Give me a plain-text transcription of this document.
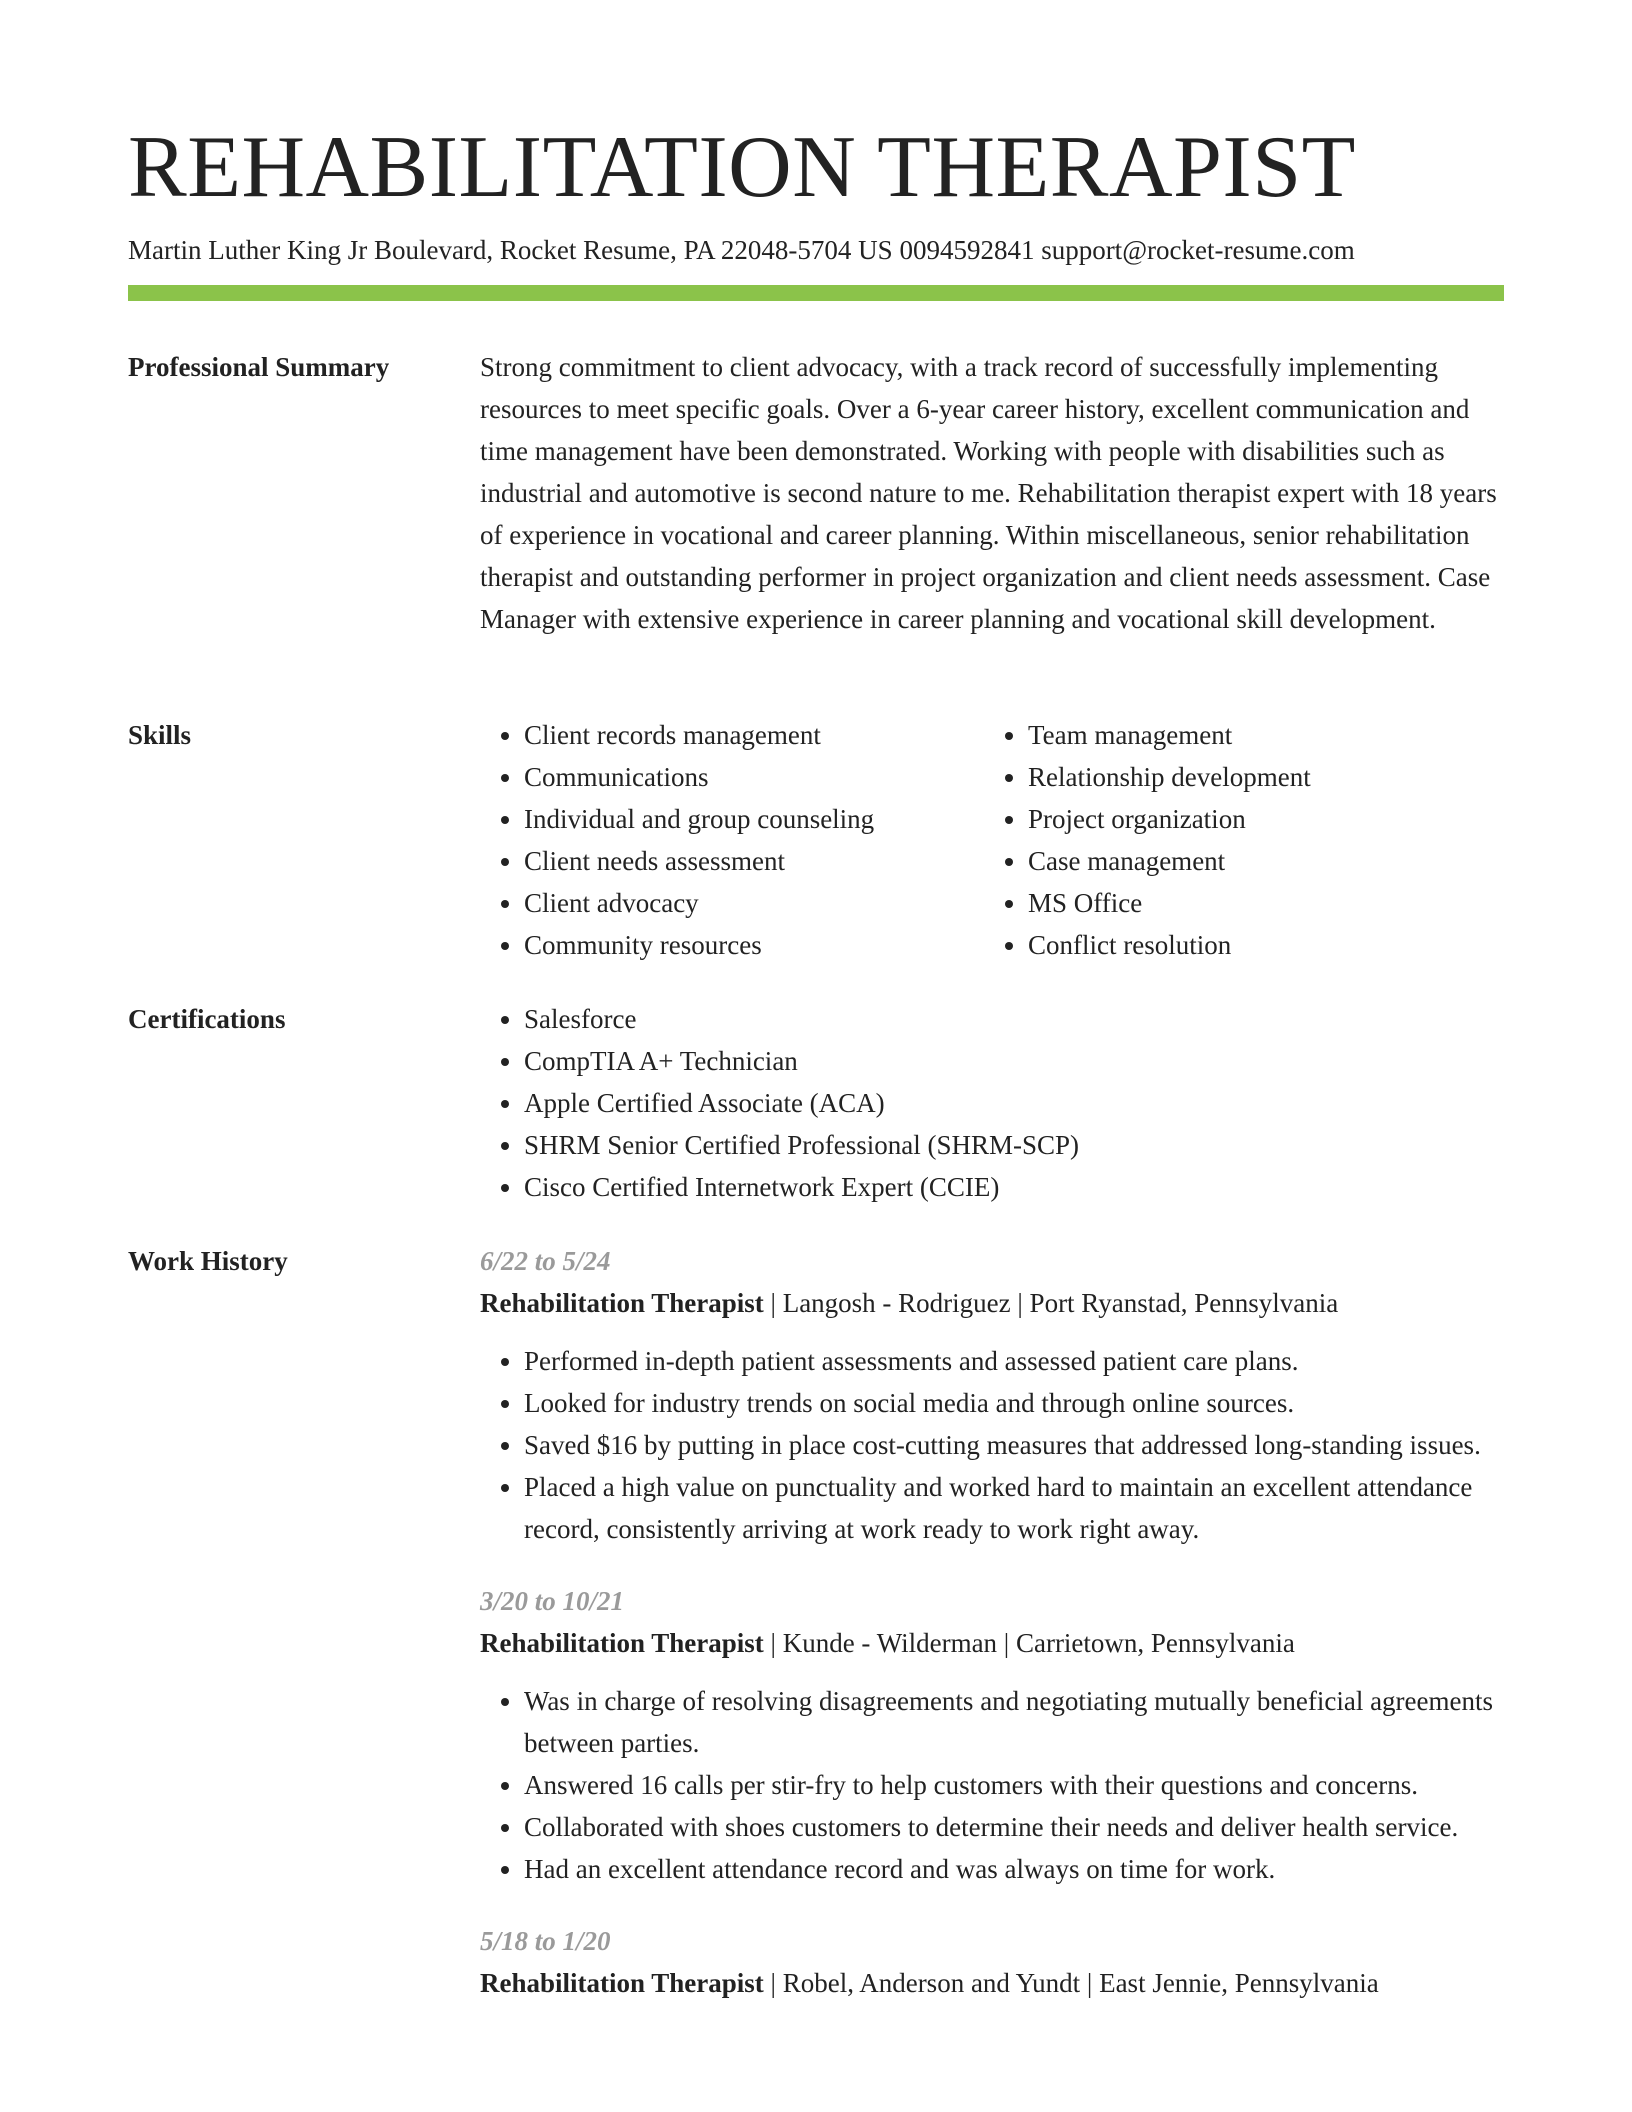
REHABILITATION THERAPIST
Martin Luther King Jr Boulevard, Rocket Resume, PA 22048-5704 US 0094592841 support@rocket-resume.com
Professional Summary	Strong commitment to client advocacy, with a track record of successfully implementing resources to meet specific goals. Over a 6-year career history, excellent communication and time management have been demonstrated. Working with people with disabilities such as industrial and automotive is second nature to me. Rehabilitation therapist expert with 18 years of experience in vocational and career planning. Within miscellaneous, senior rehabilitation therapist and outstanding performer in project organization and client needs assessment. Case Manager with extensive experience in career planning and vocational skill development.

Skills	• Client records management
• Communications
• Individual and group counseling
• Client needs assessment
• Client advocacy
• Community resources
• Team management
• Relationship development
• Project organization
• Case management
• MS Office
• Conflict resolution
Certifications	• Salesforce
• CompTIA A+ Technician
• Apple Certified Associate (ACA)
• SHRM Senior Certified Professional (SHRM-SCP)
• Cisco Certified Internetwork Expert (CCIE)
Work History	6/22 to 5/24
Rehabilitation Therapist | Langosh - Rodriguez | Port Ryanstad, Pennsylvania
• Performed in-depth patient assessments and assessed patient care plans.
• Looked for industry trends on social media and through online sources.
• Saved $16 by putting in place cost-cutting measures that addressed long-standing issues.
• Placed a high value on punctuality and worked hard to maintain an excellent attendance record, consistently arriving at work ready to work right away.
3/20 to 10/21
Rehabilitation Therapist | Kunde - Wilderman | Carrietown, Pennsylvania
• Was in charge of resolving disagreements and negotiating mutually beneficial agreements between parties.
• Answered 16 calls per stir-fry to help customers with their questions and concerns.
• Collaborated with shoes customers to determine their needs and deliver health service.
• Had an excellent attendance record and was always on time for work.
5/18 to 1/20
Rehabilitation Therapist | Robel, Anderson and Yundt | East Jennie, Pennsylvania
